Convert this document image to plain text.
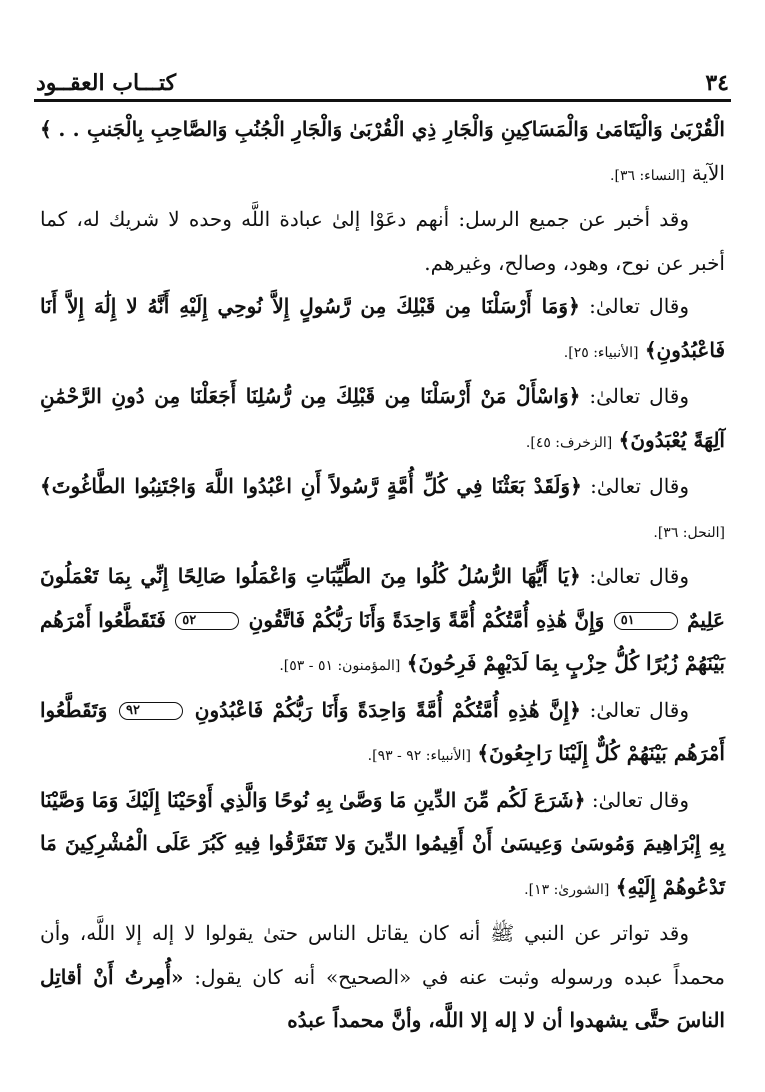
٣٤
كتـــاب العقــود

الْقُرْبَىٰ وَالْيَتَامَىٰ وَالْمَسَاكِينِ وَالْجَارِ ذِي الْقُرْبَىٰ وَالْجَارِ الْجُنُبِ وَالصَّاحِبِ بِالْجَنبِ . . ﴾ الآية [النساء: ٣٦].

وقد أخبر عن جميع الرسل: أنهم دعَوْا إلىٰ عبادة اللَّه وحده لا شريك له، كما أخبر عن نوح، وهود، وصالح، وغيرهم.

وقال تعالىٰ: ﴿وَمَا أَرْسَلْنَا مِن قَبْلِكَ مِن رَّسُولٍ إِلاَّ نُوحِي إِلَيْهِ أَنَّهُ لا إِلَٰهَ إِلاَّ أَنَا فَاعْبُدُونِ﴾ [الأنبياء: ٢٥].

وقال تعالىٰ: ﴿وَاسْأَلْ مَنْ أَرْسَلْنَا مِن قَبْلِكَ مِن رُّسُلِنَا أَجَعَلْنَا مِن دُونِ الرَّحْمَٰنِ آلِهَةً يُعْبَدُونَ﴾ [الزخرف: ٤٥].

وقال تعالىٰ: ﴿وَلَقَدْ بَعَثْنَا فِي كُلِّ أُمَّةٍ رَّسُولاً أَنِ اعْبُدُوا اللَّهَ وَاجْتَنِبُوا الطَّاغُوتَ﴾ [النحل: ٣٦].

وقال تعالىٰ: ﴿يَا أَيُّهَا الرُّسُلُ كُلُوا مِنَ الطَّيِّبَاتِ وَاعْمَلُوا صَالِحًا إِنِّي بِمَا تَعْمَلُونَ عَلِيمٌ ٥١ وَإِنَّ هَٰذِهِ أُمَّتُكُمْ أُمَّةً وَاحِدَةً وَأَنَا رَبُّكُمْ فَاتَّقُونِ ٥٢ فَتَقَطَّعُوا أَمْرَهُم بَيْنَهُمْ زُبُرًا كُلُّ حِزْبٍ بِمَا لَدَيْهِمْ فَرِحُونَ﴾ [المؤمنون: ٥١ - ٥٣].

وقال تعالىٰ: ﴿إِنَّ هَٰذِهِ أُمَّتُكُمْ أُمَّةً وَاحِدَةً وَأَنَا رَبُّكُمْ فَاعْبُدُونِ ٩٢ وَتَقَطَّعُوا أَمْرَهُم بَيْنَهُمْ كُلٌّ إِلَيْنَا رَاجِعُونَ﴾ [الأنبياء: ٩٢ - ٩٣].

وقال تعالىٰ: ﴿شَرَعَ لَكُم مِّنَ الدِّينِ مَا وَصَّىٰ بِهِ نُوحًا وَالَّذِي أَوْحَيْنَا إِلَيْكَ وَمَا وَصَّيْنَا بِهِ إِبْرَاهِيمَ وَمُوسَىٰ وَعِيسَىٰ أَنْ أَقِيمُوا الدِّينَ وَلا تَتَفَرَّقُوا فِيهِ كَبُرَ عَلَى الْمُشْرِكِينَ مَا تَدْعُوهُمْ إِلَيْهِ﴾ [الشورىٰ: ١٣].

وقد تواتر عن النبي ﷺ أنه كان يقاتل الناس حتىٰ يقولوا لا إله إلا اللَّه، وأن محمداً عبده ورسوله وثبت عنه في «الصحيح» أنه كان يقول: «أُمِرتُ أَنْ أقاتِل الناسَ حتَّى يشهدوا أن لا إله إلا اللَّه، وأنَّ محمداً عبدُه
